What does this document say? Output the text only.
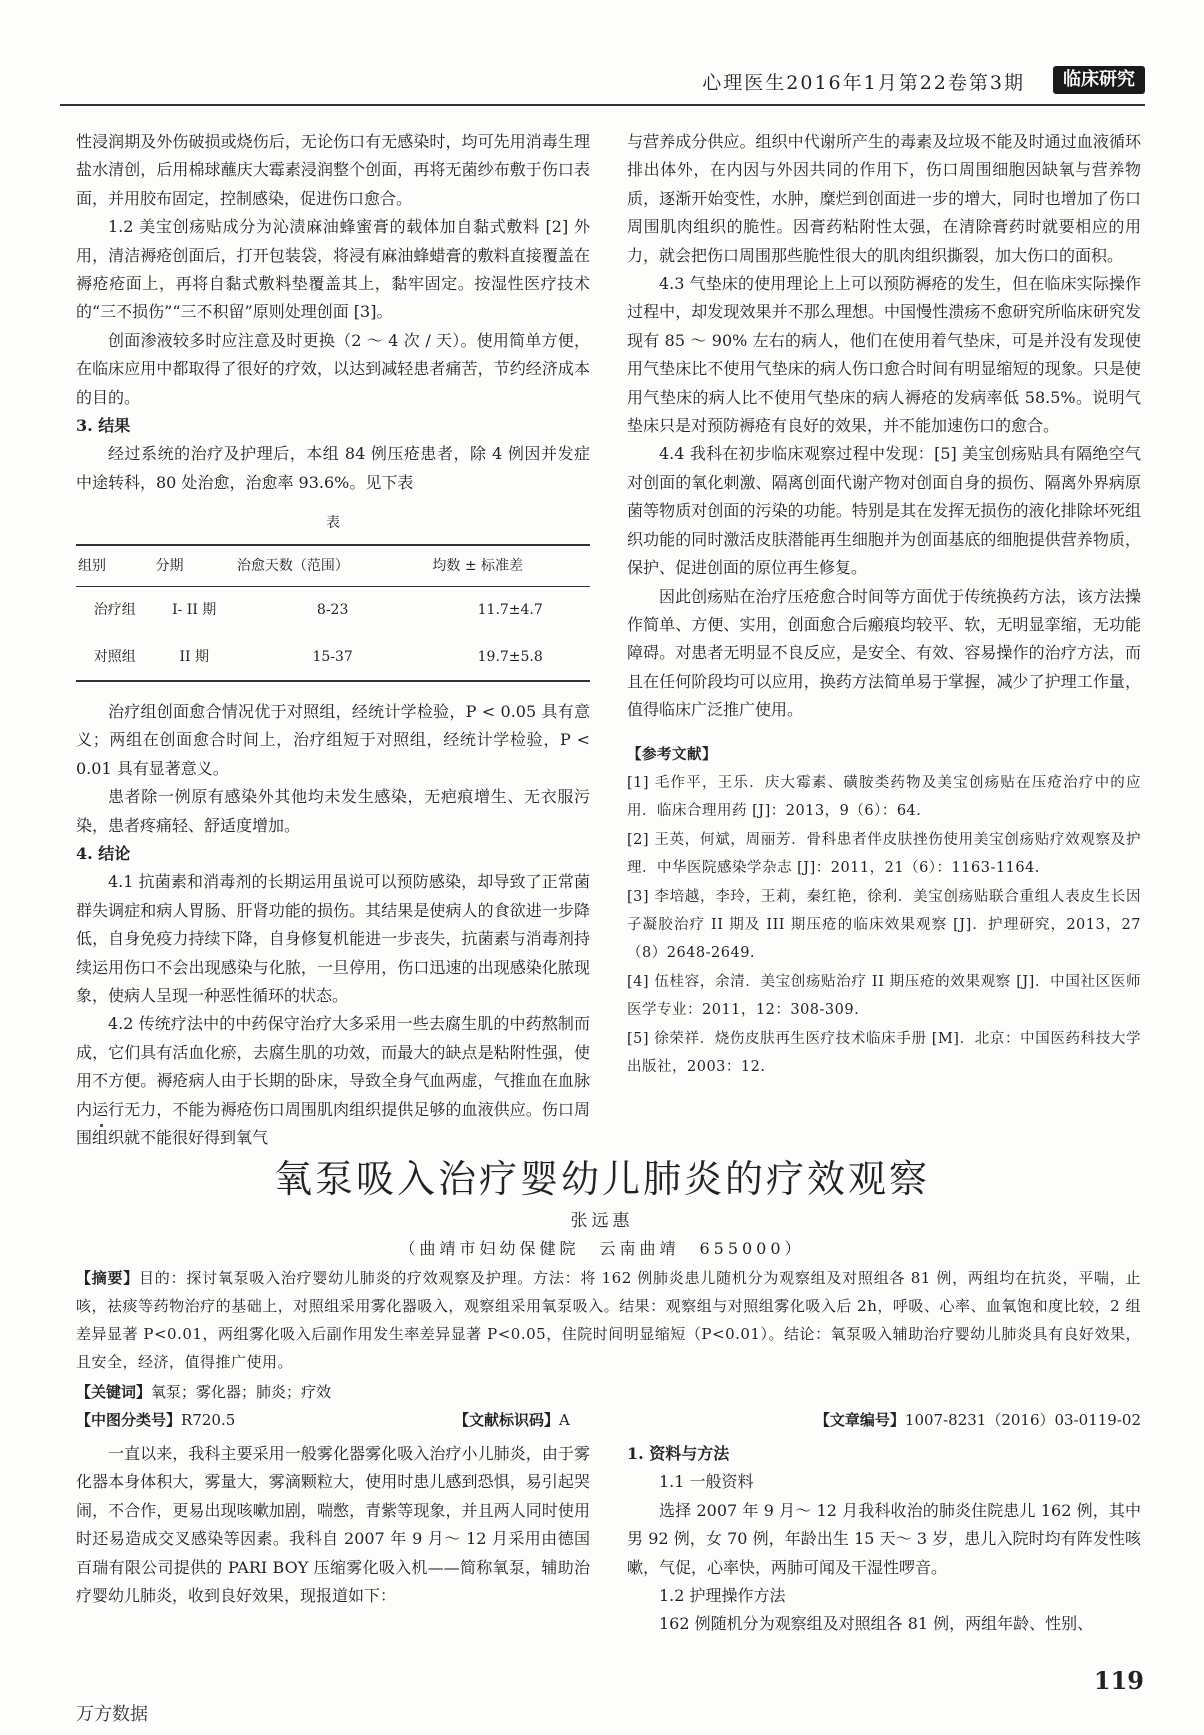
心理医生2016年1月第22卷第3期	临床研究

性浸润期及外伤破损或烧伤后，无论伤口有无感染时，均可先用消毒生理盐水清创，后用棉球蘸庆大霉素浸润整个创面，再将无菌纱布敷于伤口表面，并用胶布固定，控制感染，促进伤口愈合。

1.2 美宝创疡贴成分为沁渍麻油蜂蜜膏的载体加自黏式敷料 [2] 外用，清洁褥疮创面后，打开包装袋，将浸有麻油蜂蜡膏的敷料直接覆盖在褥疮疮面上，再将自黏式敷料垫覆盖其上，黏牢固定。按湿性医疗技术的“三不损伤”“三不积留”原则处理创面 [3]。

创面渗液较多时应注意及时更换（2 ～ 4 次 / 天）。使用简单方便，在临床应用中都取得了很好的疗效，以达到减轻患者痛苦，节约经济成本的目的。

3. 结果

经过系统的治疗及护理后，本组 84 例压疮患者，除 4 例因并发症中途转科，80 处治愈，治愈率 93.6%。见下表

表
组别	分期	治愈天数（范围）	均数 ± 标准差
治疗组	I- II 期	8-23	11.7±4.7
对照组	II 期	15-37	19.7±5.8

治疗组创面愈合情况优于对照组，经统计学检验，P < 0.05 具有意义；两组在创面愈合时间上，治疗组短于对照组，经统计学检验，P < 0.01 具有显著意义。

患者除一例原有感染外其他均未发生感染，无疤痕增生、无衣服污染，患者疼痛轻、舒适度增加。

4. 结论

4.1 抗菌素和消毒剂的长期运用虽说可以预防感染，却导致了正常菌群失调症和病人胃肠、肝肾功能的损伤。其结果是使病人的食欲进一步降低，自身免疫力持续下降，自身修复机能进一步丧失，抗菌素与消毒剂持续运用伤口不会出现感染与化脓，一旦停用，伤口迅速的出现感染化脓现象，使病人呈现一种恶性循环的状态。

4.2 传统疗法中的中药保守治疗大多采用一些去腐生肌的中药熬制而成，它们具有活血化瘀，去腐生肌的功效，而最大的缺点是粘附性强，使用不方便。褥疮病人由于长期的卧床，导致全身气血两虚，气推血在血脉内运行无力，不能为褥疮伤口周围肌肉组织提供足够的血液供应。伤口周围组织就不能很好得到氧气

与营养成分供应。组织中代谢所产生的毒素及垃圾不能及时通过血液循环排出体外，在内因与外因共同的作用下，伤口周围细胞因缺氧与营养物质，逐渐开始变性，水肿，糜烂到创面进一步的增大，同时也增加了伤口周围肌肉组织的脆性。因膏药粘附性太强，在清除膏药时就要相应的用力，就会把伤口周围那些脆性很大的肌肉组织撕裂，加大伤口的面积。

4.3 气垫床的使用理论上上可以预防褥疮的发生，但在临床实际操作过程中，却发现效果并不那么理想。中国慢性溃疡不愈研究所临床研究发现有 85 ～ 90% 左右的病人，他们在使用着气垫床，可是并没有发现使用气垫床比不使用气垫床的病人伤口愈合时间有明显缩短的现象。只是使用气垫床的病人比不使用气垫床的病人褥疮的发病率低 58.5%。说明气垫床只是对预防褥疮有良好的效果，并不能加速伤口的愈合。

4.4 我科在初步临床观察过程中发现：[5] 美宝创疡贴具有隔绝空气对创面的氧化刺激、隔离创面代谢产物对创面自身的损伤、隔离外界病原菌等物质对创面的污染的功能。特别是其在发挥无损伤的液化排除坏死组织功能的同时激活皮肤潜能再生细胞并为创面基底的细胞提供营养物质，保护、促进创面的原位再生修复。

因此创疡贴在治疗压疮愈合时间等方面优于传统换药方法，该方法操作简单、方便、实用，创面愈合后瘢痕均较平、软，无明显挛缩，无功能障碍。对患者无明显不良反应，是安全、有效、容易操作的治疗方法，而且在任何阶段均可以应用，换药方法简单易于掌握，减少了护理工作量，值得临床广泛推广使用。

【参考文献】

[1] 毛作平，王乐．庆大霉素、磺胺类药物及美宝创疡贴在压疮治疗中的应用．临床合理用药 [J]：2013，9（6）：64.

[2] 王英，何斌，周丽芳．骨科患者伴皮肤挫伤使用美宝创疡贴疗效观察及护理．中华医院感染学杂志 [J]：2011，21（6）：1163-1164.

[3] 李培越，李玲，王莉，秦红艳，徐利．美宝创疡贴联合重组人表皮生长因子凝胶治疗 II 期及 III 期压疮的临床效果观察 [J]．护理研究，2013，27（8）2648-2649.

[4] 伍桂容，余清．美宝创疡贴治疗 II 期压疮的效果观察 [J]．中国社区医师医学专业：2011，12：308-309.

[5] 徐荣祥．烧伤皮肤再生医疗技术临床手册 [M]．北京：中国医药科技大学出版社，2003：12.

氧泵吸入治疗婴幼儿肺炎的疗效观察
张远惠
（曲靖市妇幼保健院　云南曲靖　655000）
【摘要】目的：探讨氧泵吸入治疗婴幼儿肺炎的疗效观察及护理。方法：将 162 例肺炎患儿随机分为观察组及对照组各 81 例，两组均在抗炎，平喘，止咳，祛痰等药物治疗的基础上，对照组采用雾化器吸入，观察组采用氧泵吸入。结果：观察组与对照组雾化吸入后 2h，呼吸、心率、血氧饱和度比较，2 组差异显著 P<0.01，两组雾化吸入后副作用发生率差异显著 P<0.05，住院时间明显缩短（P<0.01）。结论：氧泵吸入辅助治疗婴幼儿肺炎具有良好效果，且安全，经济，值得推广使用。
【关键词】氧泵；雾化器；肺炎；疗效
【中图分类号】R720.5	【文献标识码】A	【文章编号】1007-8231（2016）03-0119-02

一直以来，我科主要采用一般雾化器雾化吸入治疗小儿肺炎，由于雾化器本身体积大，雾量大，雾滴颗粒大，使用时患儿感到恐惧，易引起哭闹，不合作，更易出现咳嗽加剧，喘憋，青紫等现象，并且两人同时使用时还易造成交叉感染等因素。我科自 2007 年 9 月～ 12 月采用由德国百瑞有限公司提供的 PARI BOY 压缩雾化吸入机——简称氧泵，辅助治疗婴幼儿肺炎，收到良好效果，现报道如下：

1. 资料与方法

1.1 一般资料

选择 2007 年 9 月～ 12 月我科收治的肺炎住院患儿 162 例，其中男 92 例，女 70 例，年龄出生 15 天～ 3 岁，患儿入院时均有阵发性咳嗽，气促，心率快，两肺可闻及干湿性啰音。

1.2 护理操作方法

162 例随机分为观察组及对照组各 81 例，两组年龄、性别、

119
万方数据
